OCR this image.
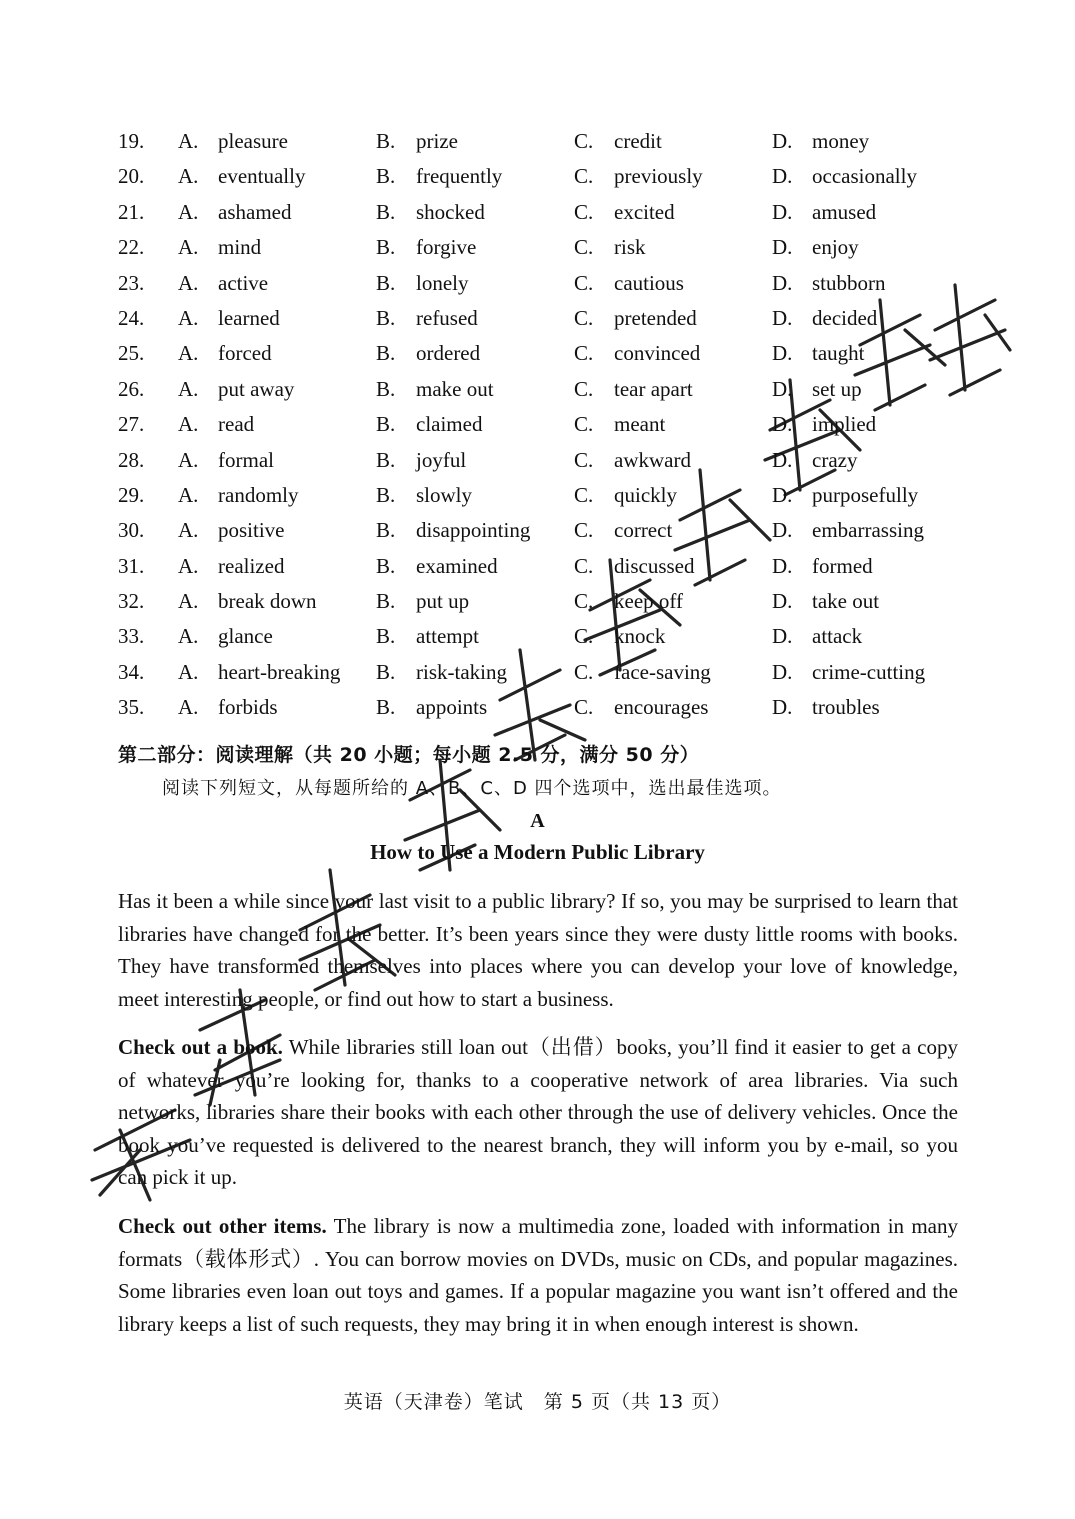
19. A. pleasure	B. prize	C. credit	D. money
20. A. eventually	B. frequently	C. previously	D. occasionally
21. A. ashamed	B. shocked	C. excited	D. amused
22. A. mind	B. forgive	C. risk	D. enjoy
23. A. active	B. lonely	C. cautious	D. stubborn
24. A. learned	B. refused	C. pretended	D. decided
25. A. forced	B. ordered	C. convinced	D. taught
26. A. put away	B. make out	C. tear apart	D. set up
27. A. read	B. claimed	C. meant	D. implied
28. A. formal	B. joyful	C. awkward	D. crazy
29. A. randomly	B. slowly	C. quickly	D. purposefully
30. A. positive	B. disappointing C. correct	D. embarrassing
31. A. realized	B. examined	C. discussed	D. formed
32. A. break down	B. put up	C. keep off	D. take out
33. A. glance	B. attempt	C. knock	D. attack
34. A. heart-breaking B. risk-taking	C. face-saving	D. crime-cutting
35. A. forbids	B. appoints	C. encourages	D. troubles
第二部分：阅读理解（共 20 小题；每小题 2.5 分，满分 50 分）
阅读下列短文，从每题所给的 A、B、C、D 四个选项中，选出最佳选项。
A
How to Use a Modern Public Library

Has it been a while since your last visit to a public library? If so, you may be surprised to learn that libraries have changed for the better. It’s been years since they were dusty little rooms with books. They have transformed themselves into places where you can develop your love of knowledge, meet interesting people, or find out how to start a business.

Check out a book. While libraries still loan out（出借）books, you’ll find it easier to get a copy of whatever you’re looking for, thanks to a cooperative network of area libraries. Via such networks, libraries share their books with each other through the use of delivery vehicles. Once the book you’ve requested is delivered to the nearest branch, they will inform you by e-mail, so you can pick it up.

Check out other items. The library is now a multimedia zone, loaded with information in many formats（载体形式）. You can borrow movies on DVDs, music on CDs, and popular magazines. Some libraries even loan out toys and games. If a popular magazine you want isn’t offered and the library keeps a list of such requests, they may bring it in when enough interest is shown.

英语（天津卷）笔试　第 5 页（共 13 页）
